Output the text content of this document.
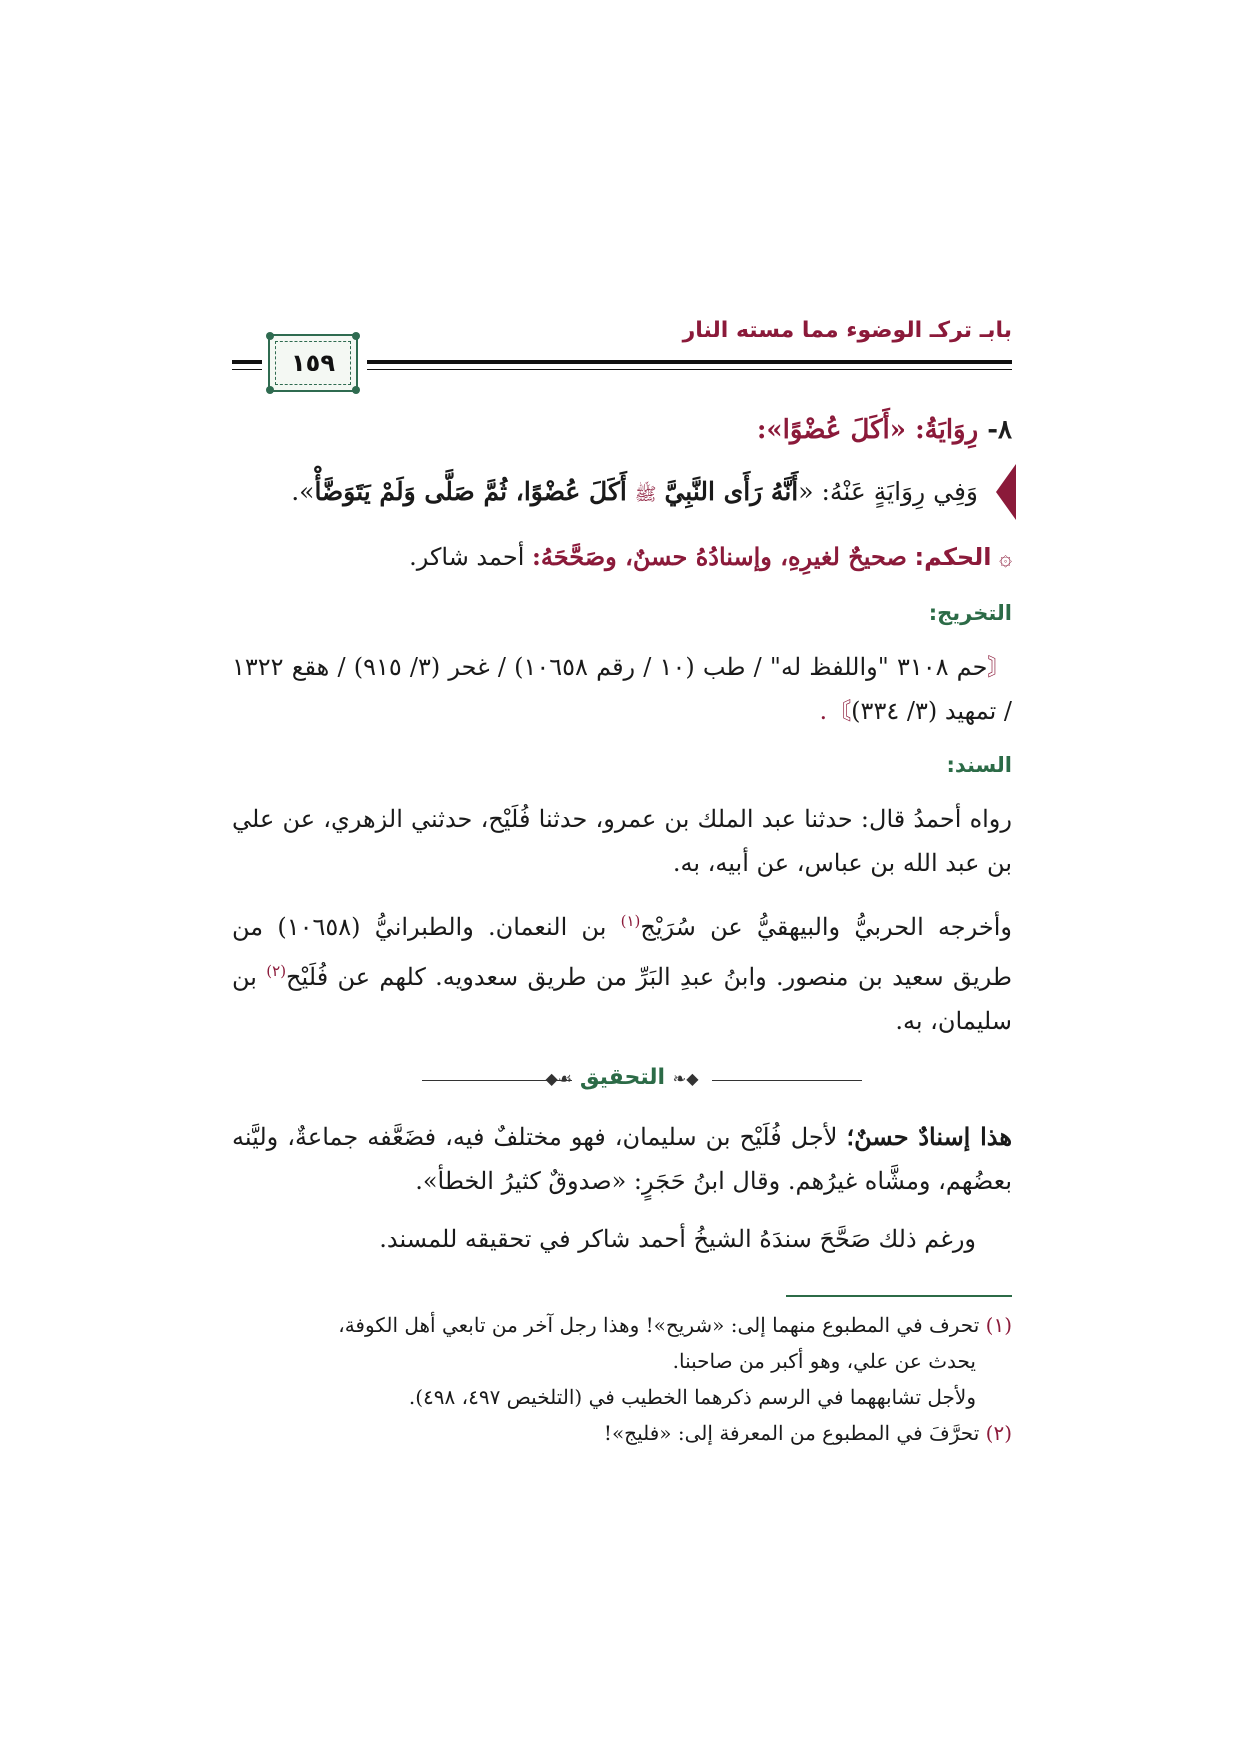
بابـ تركـ الوضوء مما مسته النار
١٥٩
٨- رِوَايَةُ: «أَكَلَ عُضْوًا»:
وَفِي رِوَايَةٍ عَنْهُ: «أَنَّهُ رَأَى النَّبِيَّ ﷺ أَكَلَ عُضْوًا، ثُمَّ صَلَّى وَلَمْ يَتَوَضَّأْ».
۞ الحكم: صحيحٌ لغيرِهِ، وإسنادُهُ حسنٌ، وصَحَّحَهُ: أحمد شاكر.
التخريج:
〘حم ٣١٠٨ "واللفظ له" / طب (١٠ / رقم ١٠٦٥٨) / غحر (٣/ ٩١٥) / هقع ١٣٢٢ / تمهيد (٣/ ٣٣٤)〙.
السند:
رواه أحمدُ قال: حدثنا عبد الملك بن عمرو، حدثنا فُلَيْح، حدثني الزهري، عن علي بن عبد الله بن عباس، عن أبيه، به.
وأخرجه الحربيُّ والبيهقيُّ عن سُرَيْج$^{(١)}$ بن النعمان. والطبرانيُّ (١٠٦٥٨) من طريق سعيد بن منصور. وابنُ عبدِ البَرِّ من طريق سعدويه. كلهم عن فُلَيْح$^{(٢)}$ بن سليمان، به.
◆❧ التحقيق ☙◆
هذا إسنادٌ حسنٌ؛ لأجل فُلَيْح بن سليمان، فهو مختلفٌ فيه، فضَعَّفه جماعةٌ، وليَّنه بعضُهم، ومشَّاه غيرُهم. وقال ابنُ حَجَرٍ: «صدوقٌ كثيرُ الخطأ».
ورغم ذلك صَحَّحَ سندَهُ الشيخُ أحمد شاكر في تحقيقه للمسند.
(١) تحرف في المطبوع منهما إلى: «شريح»! وهذا رجل آخر من تابعي أهل الكوفة،
يحدث عن علي، وهو أكبر من صاحبنا.
ولأجل تشابههما في الرسم ذكرهما الخطيب في (التلخيص ٤٩٧، ٤٩٨).
(٢) تحرَّفَ في المطبوع من المعرفة إلى: «فليج»!
